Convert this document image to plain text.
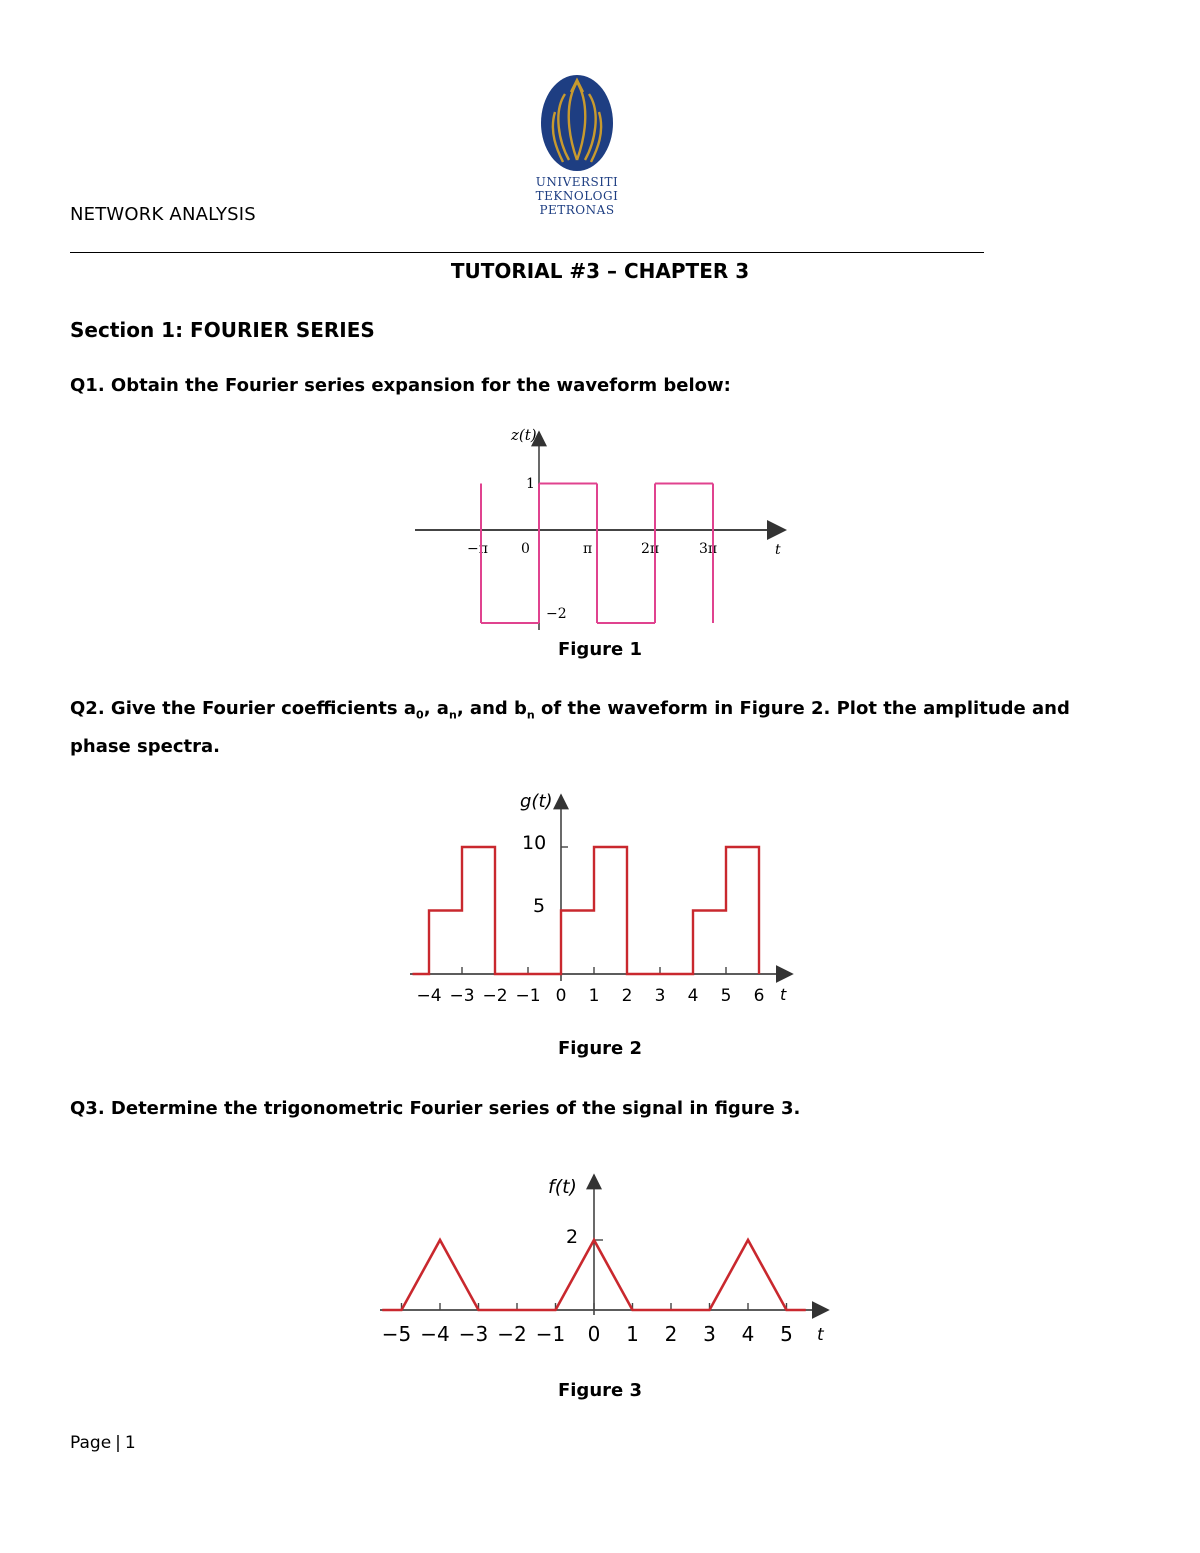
NETWORK ANALYSIS
UNIVERSITI
TEKNOLOGI
PETRONAS
TUTORIAL #3 – CHAPTER 3
Section 1: FOURIER SERIES
Q1. Obtain the Fourier series expansion for the waveform below:
−π 0	π	2π	3π
z(t)
t
1
−2
Figure 1
Q2. Give the Fourier coefficients $a_0$, $a_n$, and $b_n$ of the waveform in Figure 2. Plot the amplitude and phase spectra.
−4 −3 −2 −1 0 1 2 3 4 5 6
g(t)
t
10
5
Figure 2
Q3. Determine the trigonometric Fourier series of the signal in figure 3.
−5 −4 −3 −2 −1 0 1 2 3 4 5
f(t)
t
2
Figure 3
Page | 1
